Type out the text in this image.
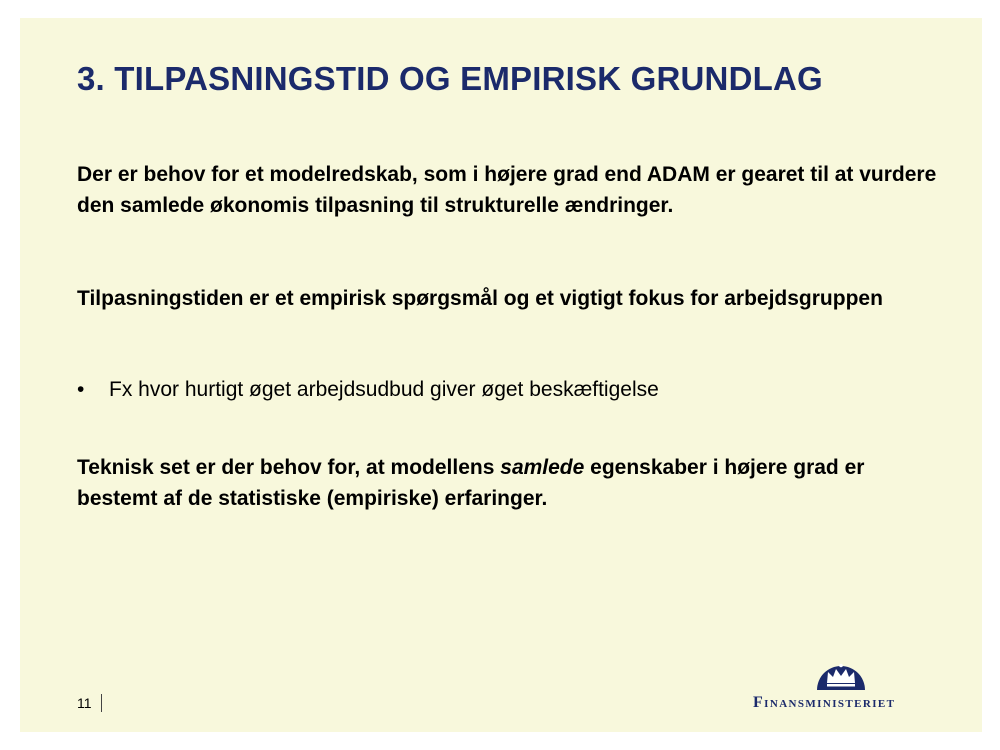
3. TILPASNINGSTID OG EMPIRISK GRUNDLAG

Der er behov for et modelredskab, som i højere grad end ADAM er gearet til at vurdere den samlede økonomis tilpasning til strukturelle ændringer.

Tilpasningstiden er et empirisk spørgsmål og et vigtigt fokus for arbejdsgruppen

• Fx hvor hurtigt øget arbejdsudbud giver øget beskæftigelse

Teknisk set er der behov for, at modellens samlede egenskaber i højere grad er bestemt af de statistiske (empiriske) erfaringer.

11	Finansministeriet
